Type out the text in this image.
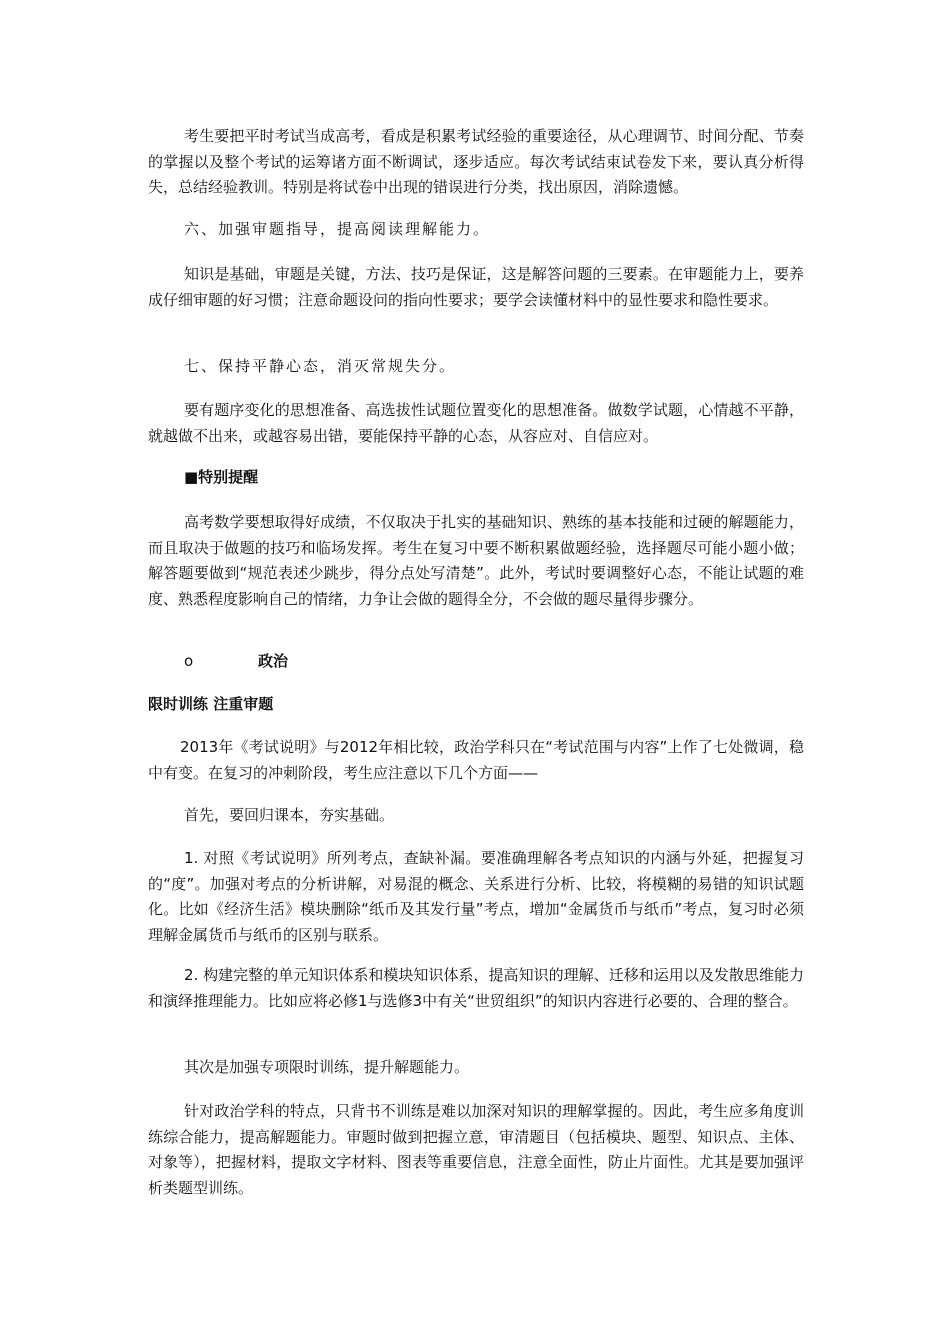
考生要把平时考试当成高考，看成是积累考试经验的重要途径，从心理调节、时间分配、节奏的掌握以及整个考试的运筹诸方面不断调试，逐步适应。每次考试结束试卷发下来，要认真分析得失，总结经验教训。特别是将试卷中出现的错误进行分类，找出原因，消除遗憾。

六、加强审题指导，提高阅读理解能力。

知识是基础，审题是关键，方法、技巧是保证，这是解答问题的三要素。在审题能力上，要养成仔细审题的好习惯；注意命题设问的指向性要求；要学会读懂材料中的显性要求和隐性要求。

七、保持平静心态，消灭常规失分。

要有题序变化的思想准备、高选拔性试题位置变化的思想准备。做数学试题，心情越不平静，就越做不出来，或越容易出错，要能保持平静的心态，从容应对、自信应对。

■特别提醒

高考数学要想取得好成绩，不仅取决于扎实的基础知识、熟练的基本技能和过硬的解题能力，而且取决于做题的技巧和临场发挥。考生在复习中要不断积累做题经验，选择题尽可能小题小做；解答题要做到“规范表述少跳步，得分点处写清楚”。此外，考试时要调整好心态，不能让试题的难度、熟悉程度影响自己的情绪，力争让会做的题得全分，不会做的题尽量得步骤分。

o	政治

限时训练 注重审题

2013年《考试说明》与2012年相比较，政治学科只在“考试范围与内容”上作了七处微调，稳中有变。在复习的冲刺阶段，考生应注意以下几个方面——

首先，要回归课本，夯实基础。

1. 对照《考试说明》所列考点，查缺补漏。要准确理解各考点知识的内涵与外延，把握复习的“度”。加强对考点的分析讲解，对易混的概念、关系进行分析、比较，将模糊的易错的知识试题化。比如《经济生活》模块删除“纸币及其发行量”考点，增加“金属货币与纸币”考点，复习时必须理解金属货币与纸币的区别与联系。

2. 构建完整的单元知识体系和模块知识体系，提高知识的理解、迁移和运用以及发散思维能力和演绎推理能力。比如应将必修1与选修3中有关“世贸组织”的知识内容进行必要的、合理的整合。

其次是加强专项限时训练，提升解题能力。

针对政治学科的特点，只背书不训练是难以加深对知识的理解掌握的。因此，考生应多角度训练综合能力，提高解题能力。审题时做到把握立意，审清题目（包括模块、题型、知识点、主体、对象等），把握材料，提取文字材料、图表等重要信息，注意全面性，防止片面性。尤其是要加强评析类题型训练。
